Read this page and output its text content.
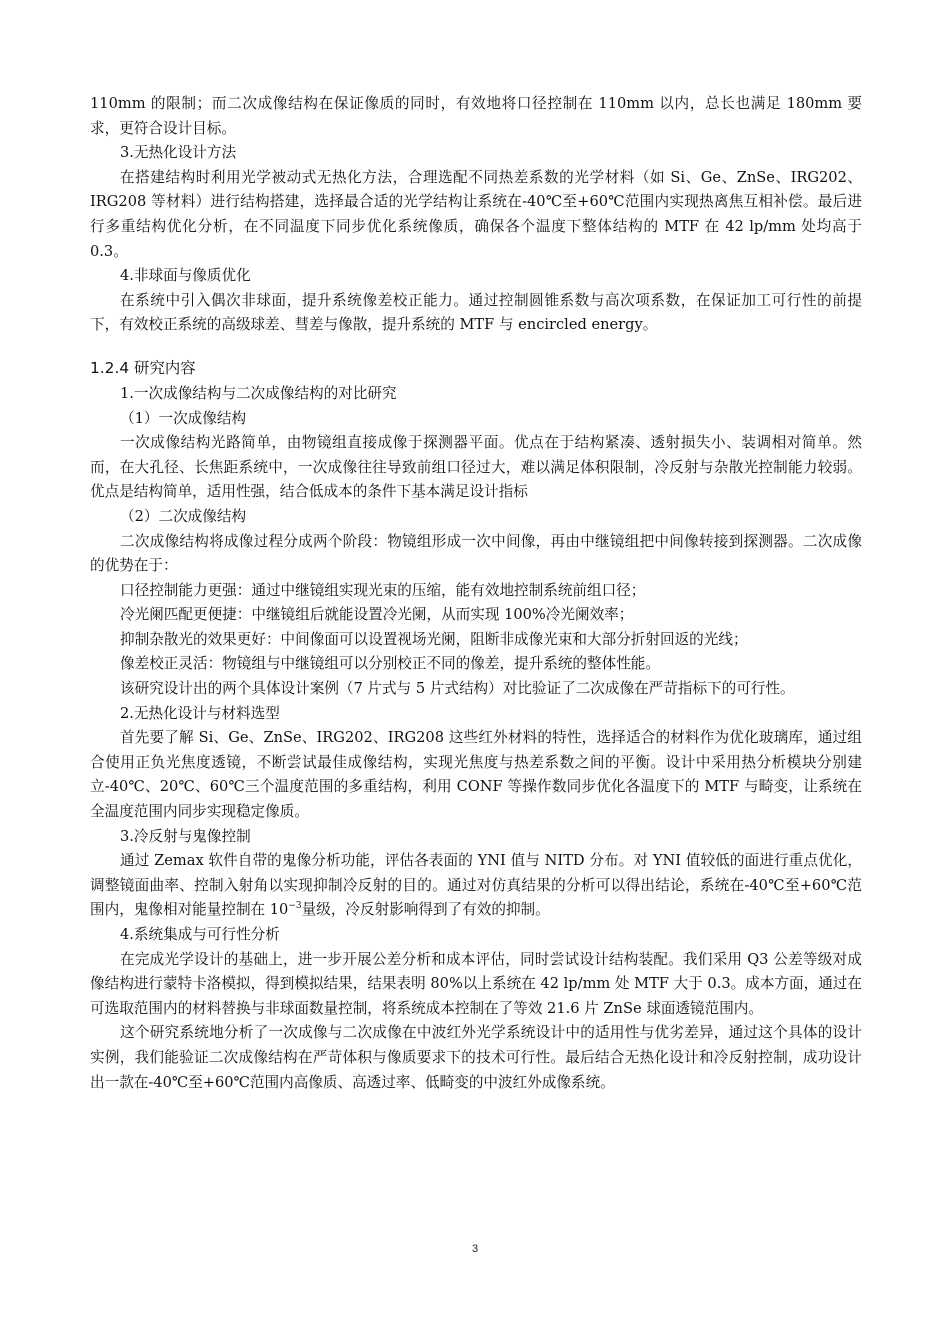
110mm 的限制；而二次成像结构在保证像质的同时，有效地将口径控制在 110mm 以内，总长也满足 180mm 要求，更符合设计目标。

3.无热化设计方法

在搭建结构时利用光学被动式无热化方法，合理选配不同热差系数的光学材料（如 Si、Ge、ZnSe、IRG202、IRG208 等材料）进行结构搭建，选择最合适的光学结构让系统在-40℃至+60℃范围内实现热离焦互相补偿。最后进行多重结构优化分析，在不同温度下同步优化系统像质，确保各个温度下整体结构的 MTF 在 42 lp/mm 处均高于 0.3。

4.非球面与像质优化

在系统中引入偶次非球面，提升系统像差校正能力。通过控制圆锥系数与高次项系数，在保证加工可行性的前提下，有效校正系统的高级球差、彗差与像散，提升系统的 MTF 与 encircled energy。

1.2.4 研究内容

1.一次成像结构与二次成像结构的对比研究

（1）一次成像结构

一次成像结构光路简单，由物镜组直接成像于探测器平面。优点在于结构紧凑、透射损失小、装调相对简单。然而，在大孔径、长焦距系统中，一次成像往往导致前组口径过大，难以满足体积限制，冷反射与杂散光控制能力较弱。优点是结构简单，适用性强，结合低成本的条件下基本满足设计指标

（2）二次成像结构

二次成像结构将成像过程分成两个阶段：物镜组形成一次中间像，再由中继镜组把中间像转接到探测器。二次成像的优势在于：

口径控制能力更强：通过中继镜组实现光束的压缩，能有效地控制系统前组口径；

冷光阑匹配更便捷：中继镜组后就能设置冷光阑，从而实现 100%冷光阑效率；

抑制杂散光的效果更好：中间像面可以设置视场光阑，阻断非成像光束和大部分折射回返的光线；

像差校正灵活：物镜组与中继镜组可以分别校正不同的像差，提升系统的整体性能。

该研究设计出的两个具体设计案例（7 片式与 5 片式结构）对比验证了二次成像在严苛指标下的可行性。

2.无热化设计与材料选型

首先要了解 Si、Ge、ZnSe、IRG202、IRG208 这些红外材料的特性，选择适合的材料作为优化玻璃库，通过组合使用正负光焦度透镜，不断尝试最佳成像结构，实现光焦度与热差系数之间的平衡。设计中采用热分析模块分别建立-40℃、20℃、60℃三个温度范围的多重结构，利用 CONF 等操作数同步优化各温度下的 MTF 与畸变，让系统在全温度范围内同步实现稳定像质。

3.冷反射与鬼像控制

通过 Zemax 软件自带的鬼像分析功能，评估各表面的 YNI 值与 NITD 分布。对 YNI 值较低的面进行重点优化，调整镜面曲率、控制入射角以实现抑制冷反射的目的。通过对仿真结果的分析可以得出结论，系统在-40℃至+60℃范围内，鬼像相对能量控制在 $10^{-3}$量级，冷反射影响得到了有效的抑制。

4.系统集成与可行性分析

在完成光学设计的基础上，进一步开展公差分析和成本评估，同时尝试设计结构装配。我们采用 Q3 公差等级对成像结构进行蒙特卡洛模拟，得到模拟结果，结果表明 80%以上系统在 42 lp/mm 处 MTF 大于 0.3。成本方面，通过在可选取范围内的材料替换与非球面数量控制，将系统成本控制在了等效 21.6 片 ZnSe 球面透镜范围内。

这个研究系统地分析了一次成像与二次成像在中波红外光学系统设计中的适用性与优劣差异，通过这个具体的设计实例，我们能验证二次成像结构在严苛体积与像质要求下的技术可行性。最后结合无热化设计和冷反射控制，成功设计出一款在-40℃至+60℃范围内高像质、高透过率、低畸变的中波红外成像系统。

3
